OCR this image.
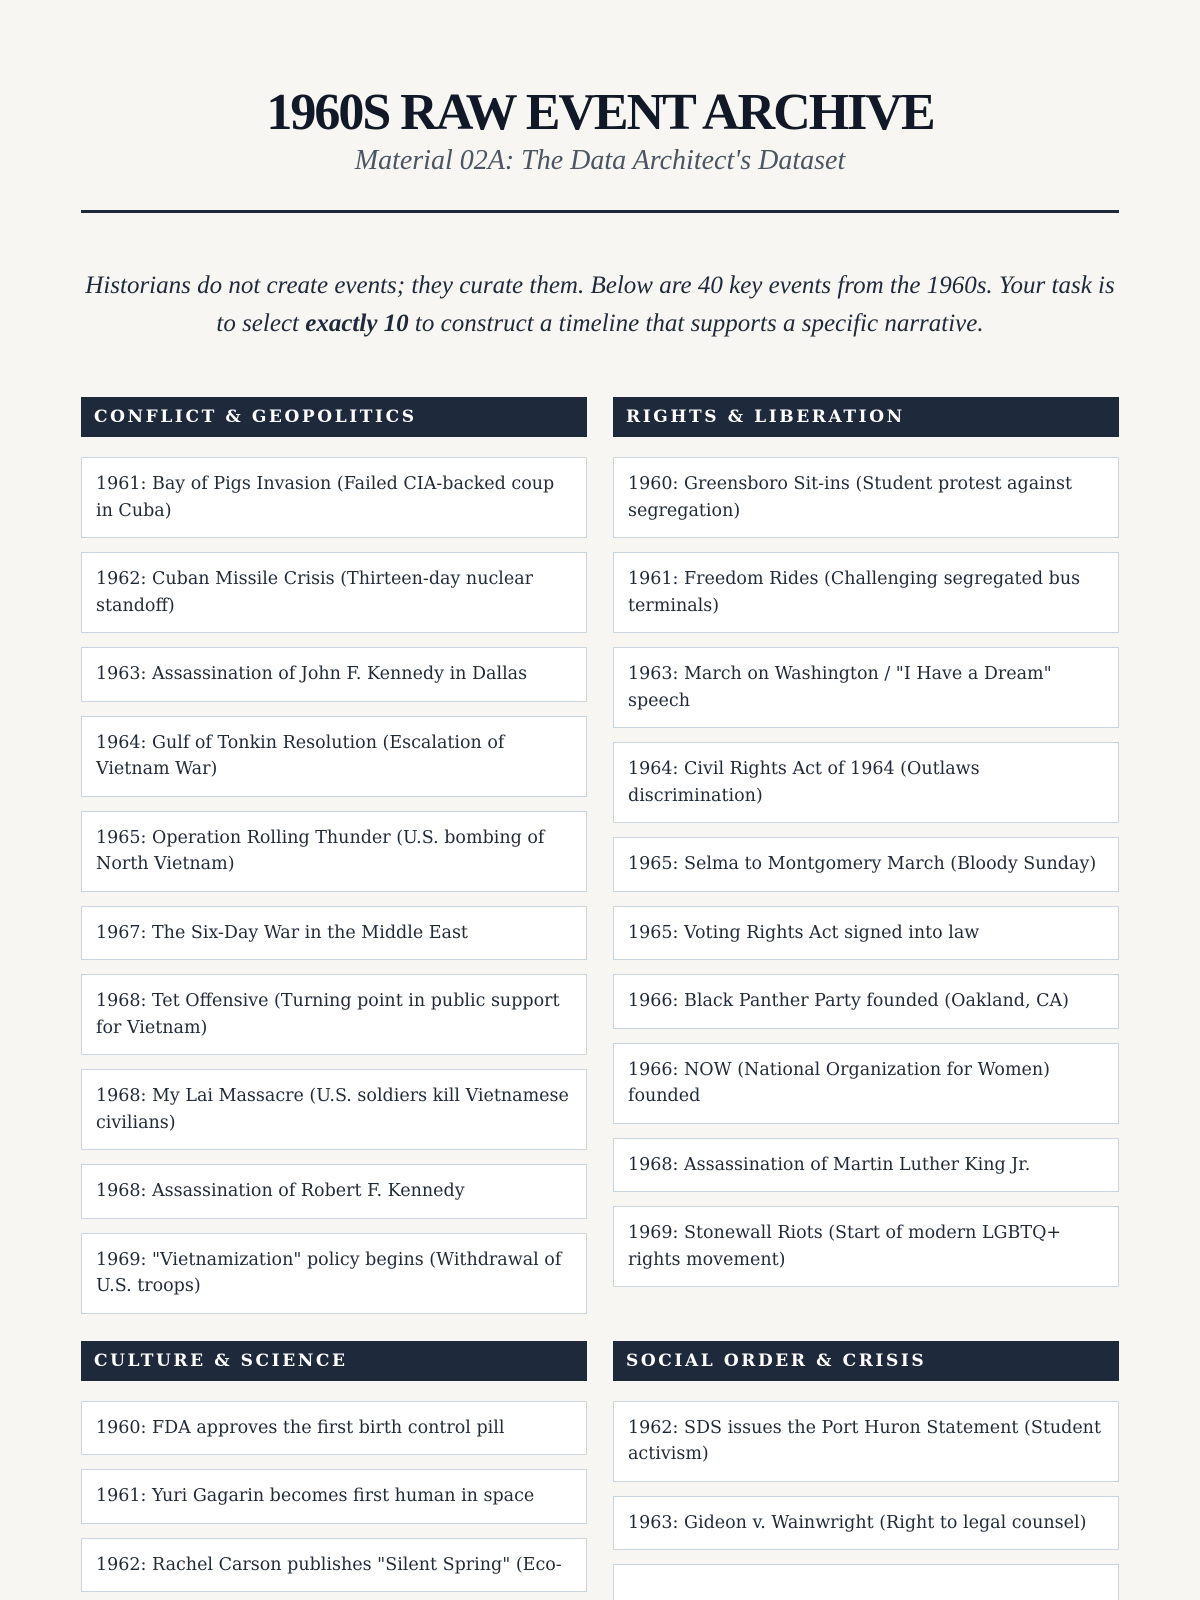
1960S RAW EVENT ARCHIVE
Material 02A: The Data Architect's Dataset

Historians do not create events; they curate them. Below are 40 key events from the 1960s. Your task is to select exactly 10 to construct a timeline that supports a specific narrative.

CONFLICT & GEOPOLITICS
1961: Bay of Pigs Invasion (Failed CIA-backed coup in Cuba)
1962: Cuban Missile Crisis (Thirteen-day nuclear standoff)
1963: Assassination of John F. Kennedy in Dallas
1964: Gulf of Tonkin Resolution (Escalation of Vietnam War)
1965: Operation Rolling Thunder (U.S. bombing of North Vietnam)
1967: The Six-Day War in the Middle East
1968: Tet Offensive (Turning point in public support for Vietnam)
1968: My Lai Massacre (U.S. soldiers kill Vietnamese civilians)
1968: Assassination of Robert F. Kennedy
1969: "Vietnamization" policy begins (Withdrawal of U.S. troops)
RIGHTS & LIBERATION
1960: Greensboro Sit-ins (Student protest against segregation)
1961: Freedom Rides (Challenging segregated bus terminals)
1963: March on Washington / "I Have a Dream" speech
1964: Civil Rights Act of 1964 (Outlaws discrimination)
1965: Selma to Montgomery March (Bloody Sunday)
1965: Voting Rights Act signed into law
1966: Black Panther Party founded (Oakland, CA)
1966: NOW (National Organization for Women) founded
1968: Assassination of Martin Luther King Jr.
1969: Stonewall Riots (Start of modern LGBTQ+ rights movement)
CULTURE & SCIENCE
1960: FDA approves the first birth control pill
1961: Yuri Gagarin becomes first human in space
1962: Rachel Carson publishes "Silent Spring" (Eco-
SOCIAL ORDER & CRISIS
1962: SDS issues the Port Huron Statement (Student activism)
1963: Gideon v. Wainwright (Right to legal counsel)
